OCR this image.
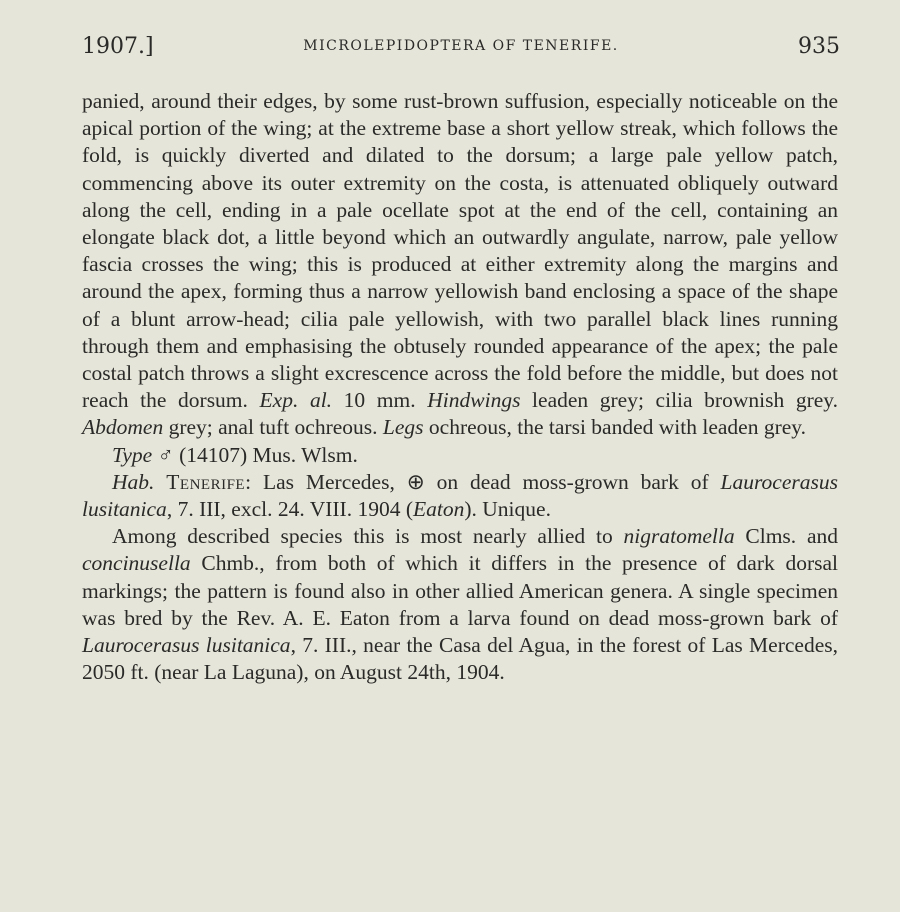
1907.]	MICROLEPIDOPTERA OF TENERIFE.	935

panied, around their edges, by some rust-brown suffusion, especially noticeable on the apical portion of the wing; at the extreme base a short yellow streak, which follows the fold, is quickly diverted and dilated to the dorsum; a large pale yellow patch, commencing above its outer extremity on the costa, is attenuated obliquely outward along the cell, ending in a pale ocellate spot at the end of the cell, containing an elongate black dot, a little beyond which an outwardly angulate, narrow, pale yellow fascia crosses the wing; this is produced at either extremity along the margins and around the apex, forming thus a narrow yellowish band enclosing a space of the shape of a blunt arrow-head; cilia pale yellowish, with two parallel black lines running through them and emphasising the obtusely rounded appearance of the apex; the pale costal patch throws a slight excrescence across the fold before the middle, but does not reach the dorsum. Exp. al. 10 mm. Hindwings leaden grey; cilia brownish grey. Abdomen grey; anal tuft ochreous. Legs ochreous, the tarsi banded with leaden grey.

Type ♂ (14107) Mus. Wlsm.

Hab. Tenerife: Las Mercedes, ⊕ on dead moss-grown bark of Laurocerasus lusitanica, 7. III, excl. 24. VIII. 1904 (Eaton). Unique.

Among described species this is most nearly allied to nigratomella Clms. and concinusella Chmb., from both of which it differs in the presence of dark dorsal markings; the pattern is found also in other allied American genera. A single specimen was bred by the Rev. A. E. Eaton from a larva found on dead moss-grown bark of Laurocerasus lusitanica, 7. III., near the Casa del Agua, in the forest of Las Mercedes, 2050 ft. (near La Laguna), on August 24th, 1904.
